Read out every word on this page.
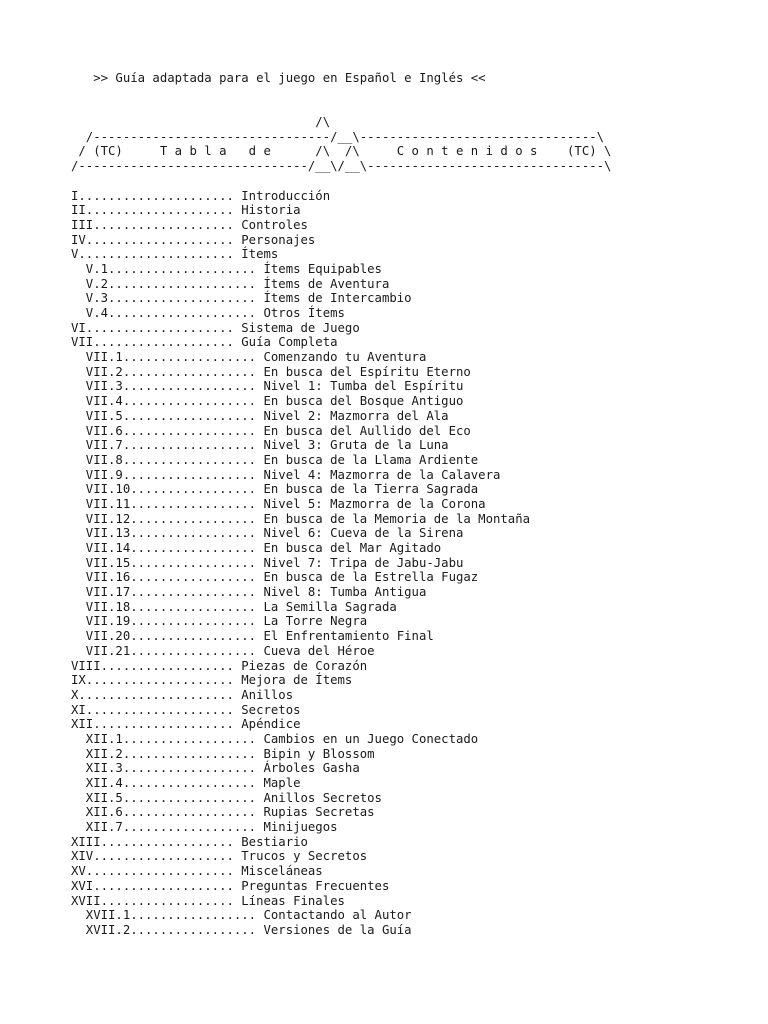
>> Guía adaptada para el juego en Español e Inglés <<
/\
/--------------------------------/__\--------------------------------\
/ (TC)     T a b l a   d e      /\  /\     C o n t e n i d o s    (TC) \
/-------------------------------/__\/__\--------------------------------\
I..................... Introducción
II.................... Historia
III................... Controles
IV.................... Personajes
V..................... Ítems
V.1.................... Ítems Equipables
V.2.................... Ítems de Aventura
V.3.................... Ítems de Intercambio
V.4.................... Otros Ítems
VI.................... Sistema de Juego
VII................... Guía Completa
VII.1.................. Comenzando tu Aventura
VII.2.................. En busca del Espíritu Eterno
VII.3.................. Nivel 1: Tumba del Espíritu
VII.4.................. En busca del Bosque Antiguo
VII.5.................. Nivel 2: Mazmorra del Ala
VII.6.................. En busca del Aullido del Eco
VII.7.................. Nivel 3: Gruta de la Luna
VII.8.................. En busca de la Llama Ardiente
VII.9.................. Nivel 4: Mazmorra de la Calavera
VII.10................. En busca de la Tierra Sagrada
VII.11................. Nivel 5: Mazmorra de la Corona
VII.12................. En busca de la Memoria de la Montaña
VII.13................. Nivel 6: Cueva de la Sirena
VII.14................. En busca del Mar Agitado
VII.15................. Nivel 7: Tripa de Jabu-Jabu
VII.16................. En busca de la Estrella Fugaz
VII.17................. Nivel 8: Tumba Antigua
VII.18................. La Semilla Sagrada
VII.19................. La Torre Negra
VII.20................. El Enfrentamiento Final
VII.21................. Cueva del Héroe
VIII.................. Piezas de Corazón
IX.................... Mejora de Ítems
X..................... Anillos
XI.................... Secretos
XII................... Apéndice
XII.1.................. Cambios en un Juego Conectado
XII.2.................. Bipin y Blossom
XII.3.................. Árboles Gasha
XII.4.................. Maple
XII.5.................. Anillos Secretos
XII.6.................. Rupias Secretas
XII.7.................. Minijuegos
XIII.................. Bestiario
XIV................... Trucos y Secretos
XV.................... Misceláneas
XVI................... Preguntas Frecuentes
XVII.................. Líneas Finales
XVII.1................. Contactando al Autor
XVII.2................. Versiones de la Guía
